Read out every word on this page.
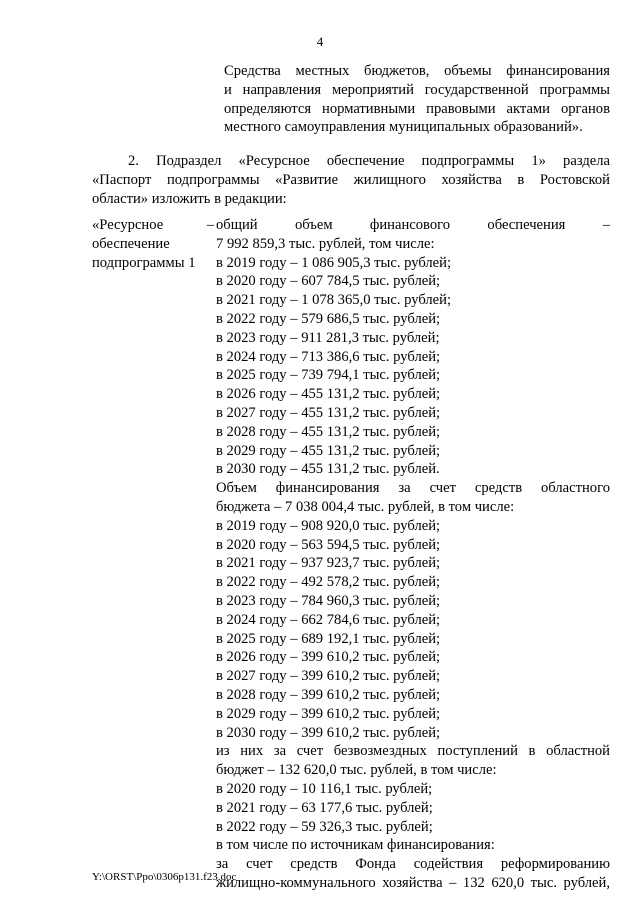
4
Средства местных бюджетов, объемы финансирования
и направления мероприятий государственной программы
определяются нормативными правовыми актами органов
местного самоуправления муниципальных образований».
2. Подраздел «Ресурсное обеспечение подпрограммы 1» раздела
«Паспорт подпрограммы «Развитие жилищного хозяйства в Ростовской
области» изложить в редакции:
«Ресурсное	–
обеспечение
подпрограммы 1
общий объем финансового обеспечения –
7 992 859,3 тыс. рублей, том числе:
в 2019 году – 1 086 905,3 тыс. рублей;
в 2020 году – 607 784,5 тыс. рублей;
в 2021 году – 1 078 365,0 тыс. рублей;
в 2022 году – 579 686,5 тыс. рублей;
в 2023 году – 911 281,3 тыс. рублей;
в 2024 году – 713 386,6 тыс. рублей;
в 2025 году – 739 794,1 тыс. рублей;
в 2026 году – 455 131,2 тыс. рублей;
в 2027 году – 455 131,2 тыс. рублей;
в 2028 году – 455 131,2 тыс. рублей;
в 2029 году – 455 131,2 тыс. рублей;
в 2030 году – 455 131,2 тыс. рублей.
Объем финансирования за счет средств областного
бюджета – 7 038 004,4 тыс. рублей, в том числе:
в 2019 году – 908 920,0 тыс. рублей;
в 2020 году – 563 594,5 тыс. рублей;
в 2021 году – 937 923,7 тыс. рублей;
в 2022 году – 492 578,2 тыс. рублей;
в 2023 году – 784 960,3 тыс. рублей;
в 2024 году – 662 784,6 тыс. рублей;
в 2025 году – 689 192,1 тыс. рублей;
в 2026 году – 399 610,2 тыс. рублей;
в 2027 году – 399 610,2 тыс. рублей;
в 2028 году – 399 610,2 тыс. рублей;
в 2029 году – 399 610,2 тыс. рублей;
в 2030 году – 399 610,2 тыс. рублей;
из них за счет безвозмездных поступлений в областной
бюджет – 132 620,0 тыс. рублей, в том числе:
в 2020 году – 10 116,1 тыс. рублей;
в 2021 году – 63 177,6 тыс. рублей;
в 2022 году – 59 326,3 тыс. рублей;
в том числе по источникам финансирования:
за счет средств Фонда содействия реформированию
жилищно-коммунального хозяйства – 132 620,0 тыс. рублей,
Y:\ORST\Ppo\0306p131.f23.doc
